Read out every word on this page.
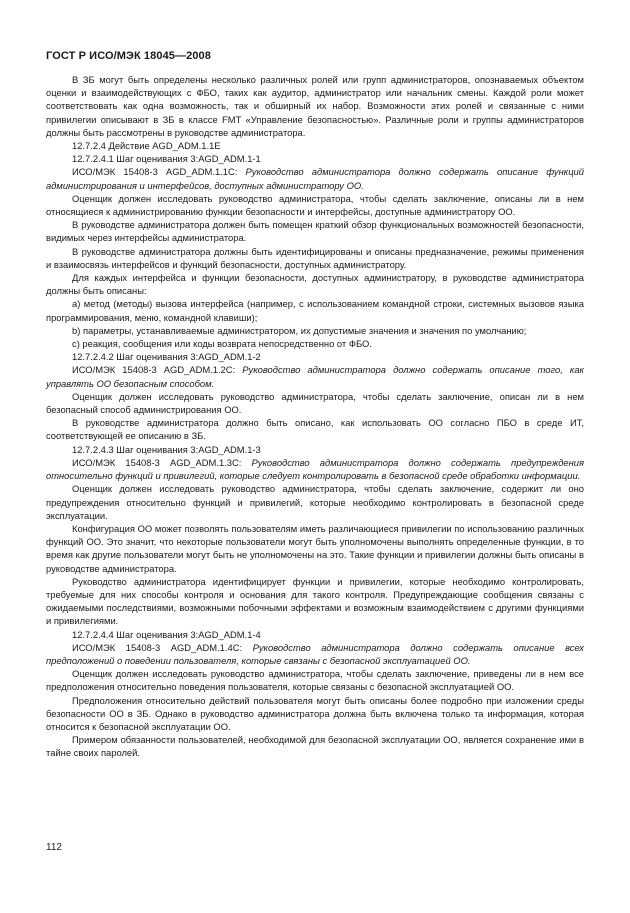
ГОСТ Р ИСО/МЭК 18045—2008

В ЗБ могут быть определены несколько различных ролей или групп администраторов, опознаваемых объектом оценки и взаимодействующих с ФБО, таких как аудитор, администратор или начальник смены. Каждой роли может соответствовать как одна возможность, так и обширный их набор. Возможности этих ролей и связанные с ними привилегии описывают в ЗБ в классе FMT «Управление безопасностью». Различные роли и группы администраторов должны быть рассмотрены в руководстве администратора.

12.7.2.4 Действие AGD_ADM.1.1E

12.7.2.4.1 Шаг оценивания 3:AGD_ADM.1-1

ИСО/МЭК 15408-3 AGD_ADM.1.1C: Руководство администратора должно содержать описание функций администрирования и интерфейсов, доступных администратору ОО.

Оценщик должен исследовать руководство администратора, чтобы сделать заключение, описаны ли в нем относящиеся к администрированию функции безопасности и интерфейсы, доступные администратору ОО.

В руководстве администратора должен быть помещен краткий обзор функциональных возможностей безопасности, видимых через интерфейсы администратора.

В руководстве администратора должны быть идентифицированы и описаны предназначение, режимы применения и взаимосвязь интерфейсов и функций безопасности, доступных администратору.

Для каждых интерфейса и функции безопасности, доступных администратору, в руководстве администратора должны быть описаны:

a) метод (методы) вызова интерфейса (например, с использованием командной строки, системных вызовов языка программирования, меню, командной клавиши);

b) параметры, устанавливаемые администратором, их допустимые значения и значения по умолчанию;

c) реакция, сообщения или коды возврата непосредственно от ФБО.

12.7.2.4.2 Шаг оценивания 3:AGD_ADM.1-2

ИСО/МЭК 15408-3 AGD_ADM.1.2C: Руководство администратора должно содержать описание того, как управлять ОО безопасным способом.

Оценщик должен исследовать руководство администратора, чтобы сделать заключение, описан ли в нем безопасный способ администрирования ОО.

В руководстве администратора должно быть описано, как использовать ОО согласно ПБО в среде ИТ, соответствующей ее описанию в ЗБ.

12.7.2.4.3 Шаг оценивания 3:AGD_ADM.1-3

ИСО/МЭК 15408-3 AGD_ADM.1.3C: Руководство администратора должно содержать предупреждения относительно функций и привилегий, которые следует контролировать в безопасной среде обработки информации.

Оценщик должен исследовать руководство администратора, чтобы сделать заключение, содержит ли оно предупреждения относительно функций и привилегий, которые необходимо контролировать в безопасной среде эксплуатации.

Конфигурация ОО может позволять пользователям иметь различающиеся привилегии по использованию различных функций ОО. Это значит, что некоторые пользователи могут быть уполномочены выполнять определенные функции, в то время как другие пользователи могут быть не уполномочены на это. Такие функции и привилегии должны быть описаны в руководстве администратора.

Руководство администратора идентифицирует функции и привилегии, которые необходимо контролировать, требуемые для них способы контроля и основания для такого контроля. Предупреждающие сообщения связаны с ожидаемыми последствиями, возможными побочными эффектами и возможным взаимодействием с другими функциями и привилегиями.

12.7.2.4.4 Шаг оценивания 3:AGD_ADM.1-4

ИСО/МЭК 15408-3 AGD_ADM.1.4C: Руководство администратора должно содержать описание всех предположений о поведении пользователя, которые связаны с безопасной эксплуатацией ОО.

Оценщик должен исследовать руководство администратора, чтобы сделать заключение, приведены ли в нем все предположения относительно поведения пользователя, которые связаны с безопасной эксплуатацией ОО.

Предположения относительно действий пользователя могут быть описаны более подробно при изложении среды безопасности ОО в ЗБ. Однако в руководство администратора должна быть включена только та информация, которая относится к безопасной эксплуатации ОО.

Примером обязанности пользователей, необходимой для безопасной эксплуатации ОО, является сохранение ими в тайне своих паролей.

112
